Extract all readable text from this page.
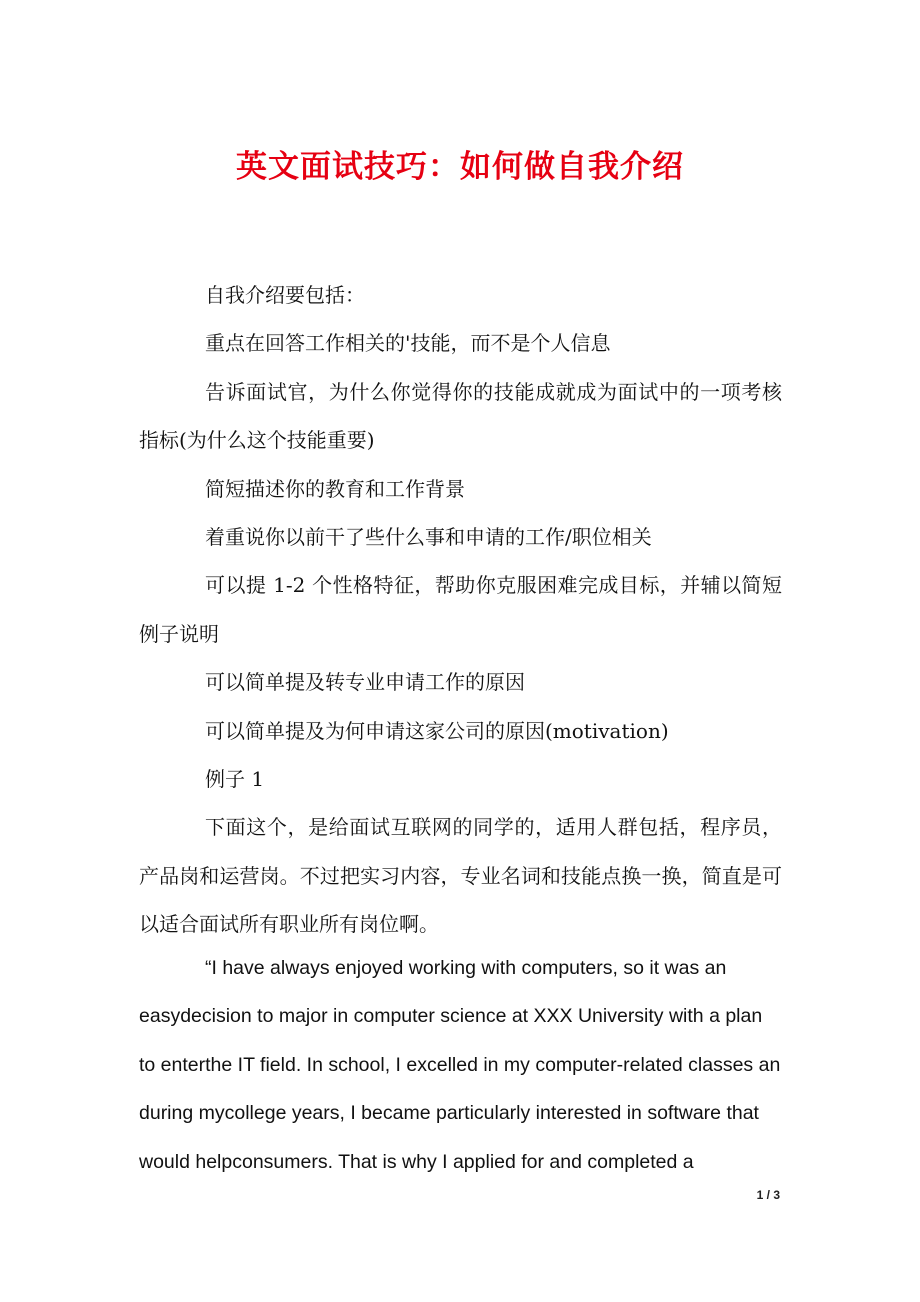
英文面试技巧：如何做自我介绍

自我介绍要包括：

重点在回答工作相关的'技能，而不是个人信息

告诉面试官，为什么你觉得你的技能成就成为面试中的一项考核指标(为什么这个技能重要)

简短描述你的教育和工作背景

着重说你以前干了些什么事和申请的工作/职位相关

可以提 1-2 个性格特征，帮助你克服困难完成目标，并辅以简短例子说明

可以简单提及转专业申请工作的原因

可以简单提及为何申请这家公司的原因(motivation)

例子 1

下面这个，是给面试互联网的同学的，适用人群包括，程序员，产品岗和运营岗。不过把实习内容，专业名词和技能点换一换，简直是可以适合面试所有职业所有岗位啊。

“I have always enjoyed working with computers, so it was an easydecision to major in computer science at XXX University with a plan to enterthe IT field. In school, I excelled in my computer-related classes an during mycollege years, I became particularly interested in software that would helpconsumers. That is why I applied for and completed a

1 / 3
